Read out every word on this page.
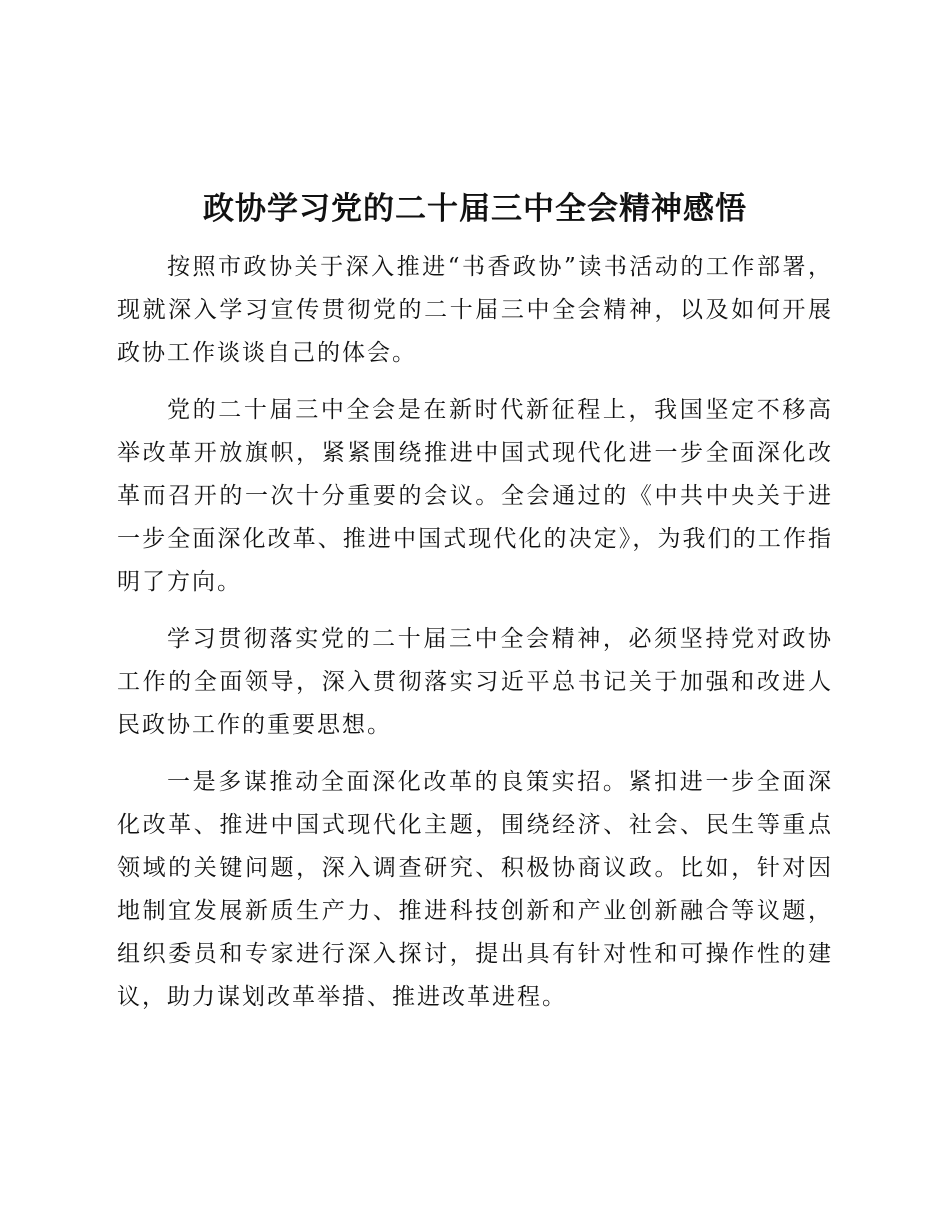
政协学习党的二十届三中全会精神感悟

按照市政协关于深入推进“书香政协”读书活动的工作部署，现就深入学习宣传贯彻党的二十届三中全会精神，以及如何开展政协工作谈谈自己的体会。

党的二十届三中全会是在新时代新征程上，我国坚定不移高举改革开放旗帜，紧紧围绕推进中国式现代化进一步全面深化改革而召开的一次十分重要的会议。全会通过的《中共中央关于进一步全面深化改革、推进中国式现代化的决定》，为我们的工作指明了方向。

学习贯彻落实党的二十届三中全会精神，必须坚持党对政协工作的全面领导，深入贯彻落实习近平总书记关于加强和改进人民政协工作的重要思想。

一是多谋推动全面深化改革的良策实招。紧扣进一步全面深化改革、推进中国式现代化主题，围绕经济、社会、民生等重点领域的关键问题，深入调查研究、积极协商议政。比如，针对因地制宜发展新质生产力、推进科技创新和产业创新融合等议题，组织委员和专家进行深入探讨，提出具有针对性和可操作性的建议，助力谋划改革举措、推进改革进程。
